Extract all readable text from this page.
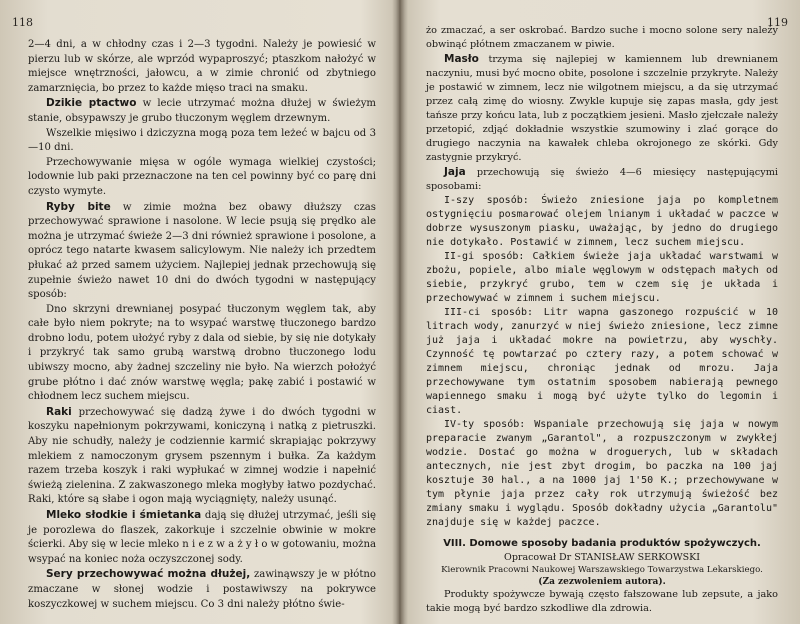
118

2—4 dni, a w chłodny czas i 2—3 tygodni. Należy je powiesić w pierzu lub w skórze, ale wprzód wypaproszyć; ptaszkom nałożyć w miejsce wnętrzności, jałowcu, a w zimie chronić od zbytniego zamarznięcia, bo przez to każde mięso traci na smaku.

Dzikie ptactwo w lecie utrzymać można dłużej w świeżym stanie, obsypawszy je grubo tłuczonym węglem drzewnym.

Wszelkie mięsiwo i dziczyzna mogą poza tem leżeć w bajcu od 3—10 dni.

Przechowywanie mięsa w ogóle wymaga wielkiej czystości; lodownie lub paki przeznaczone na ten cel powinny być co parę dni czysto wymyte.

Ryby bite w zimie można bez obawy dłuższy czas przechowywać sprawione i nasolone. W lecie psują się prędko ale można je utrzymać świeże 2—3 dni również sprawione i posolone, a oprócz tego natarte kwasem salicylowym. Nie należy ich przedtem płukać aż przed samem użyciem. Najlepiej jednak przechowują się zupełnie świeżo nawet 10 dni do dwóch tygodni w następujący sposób:

Dno skrzyni drewnianej posypać tłuczonym węglem tak, aby całe było niem pokryte; na to wsypać warstwę tłuczonego bardzo drobno lodu, potem ułożyć ryby z dala od siebie, by się nie dotykały i przykryć tak samo grubą warstwą drobno tłuczonego lodu ubiwszy mocno, aby żadnej szczeliny nie było. Na wierzch położyć grube płótno i dać znów warstwę węgla; pakę zabić i postawić w chłodnem lecz suchem miejscu.

Raki przechowywać się dadzą żywe i do dwóch tygodni w koszyku napełnionym pokrzywami, koniczyną i natką z pietruszki. Aby nie schudły, należy je codziennie karmić skrapiając pokrzywy mlekiem z namoczonym grysem pszennym i bułka. Za każdym razem trzeba koszyk i raki wypłukać w zimnej wodzie i napełnić świeżą zielenina. Z zakwaszonego mleka mogłyby łatwo pozdychać. Raki, które są słabe i ogon mają wyciągnięty, należy usunąć.

Mleko słodkie i śmietanka dają się dłużej utrzymać, jeśli się je porozlewa do flaszek, zakorkuje i szczelnie obwinie w mokre ścierki. Aby się w lecie mleko n i e z w a ż y ł o w gotowaniu, można wsypać na koniec noża oczyszczonej sody.

Sery przechowywać można dłużej, zawinąwszy je w płótno zmaczane w słonej wodzie i postawiwszy na pokrywce koszyczkowej w suchem miejscu. Co 3 dni należy płótno świe-

119

żo zmaczać, a ser oskrobać. Bardzo suche i mocno solone sery należy obwinąć płótnem zmaczanem w piwie.

Masło trzyma się najlepiej w kamiennem lub drewnianem naczyniu, musi być mocno obite, posolone i szczelnie przykryte. Należy je postawić w zimnem, lecz nie wilgotnem miejscu, a da się utrzymać przez całą zimę do wiosny. Zwykle kupuje się zapas masła, gdy jest tańsze przy końcu lata, lub z początkiem jesieni. Masło zjełczałe należy przetopić, zdjąć dokładnie wszystkie szumowiny i zlać gorące do drugiego naczynia na kawałek chleba okrojonego ze skórki. Gdy zastygnie przykryć.

Jaja przechowują się świeżo 4—6 miesięcy następującymi sposobami:

I-szy sposób: Świeżo zniesione jaja po kompletnem ostygnięciu posmarować olejem lnianym i układać w paczce w dobrze wysuszonym piasku, uważając, by jedno do drugiego nie dotykało. Postawić w zimnem, lecz suchem miejscu.

II-gi sposób: Całkiem świeże jaja układać warstwami w zbożu, popiele, albo miale węglowym w odstępach małych od siebie, przykryć grubo, tem w czem się je układa i przechowywać w zimnem i suchem miejscu.

III-ci sposób: Litr wapna gaszonego rozpuścić w 10 litrach wody, zanurzyć w niej świeżo zniesione, lecz zimne już jaja i układać mokre na powietrzu, aby wyschły. Czynność tę powtarzać po cztery razy, a potem schować w zimnem miejscu, chroniąc jednak od mrozu. Jaja przechowywane tym ostatnim sposobem nabierają pewnego wapiennego smaku i mogą być użyte tylko do legomin i ciast.

IV-ty sposób: Wspaniale przechowują się jaja w nowym preparacie zwanym „Garantol", a rozpuszczonym w zwykłej wodzie. Dostać go można w droguerych, lub w składach antecznych, nie jest zbyt drogim, bo paczka na 100 jaj kosztuje 30 hal., a na 1000 jaj 1'50 K.; przechowywane w tym płynie jaja przez cały rok utrzymują świeżość bez zmiany smaku i wyglądu. Sposób dokładny użycia „Garantolu" znajduje się w każdej paczce.

VIII. Domowe sposoby badania produktów spożywczych.
Opracował Dr STANISŁAW SERKOWSKI
Kierownik Pracowni Naukowej Warszawskiego Towarzystwa Lekarskiego.
(Za zezwoleniem autora).

Produkty spożywcze bywają często fałszowane lub zepsute, a jako takie mogą być bardzo szkodliwe dla zdrowia.
